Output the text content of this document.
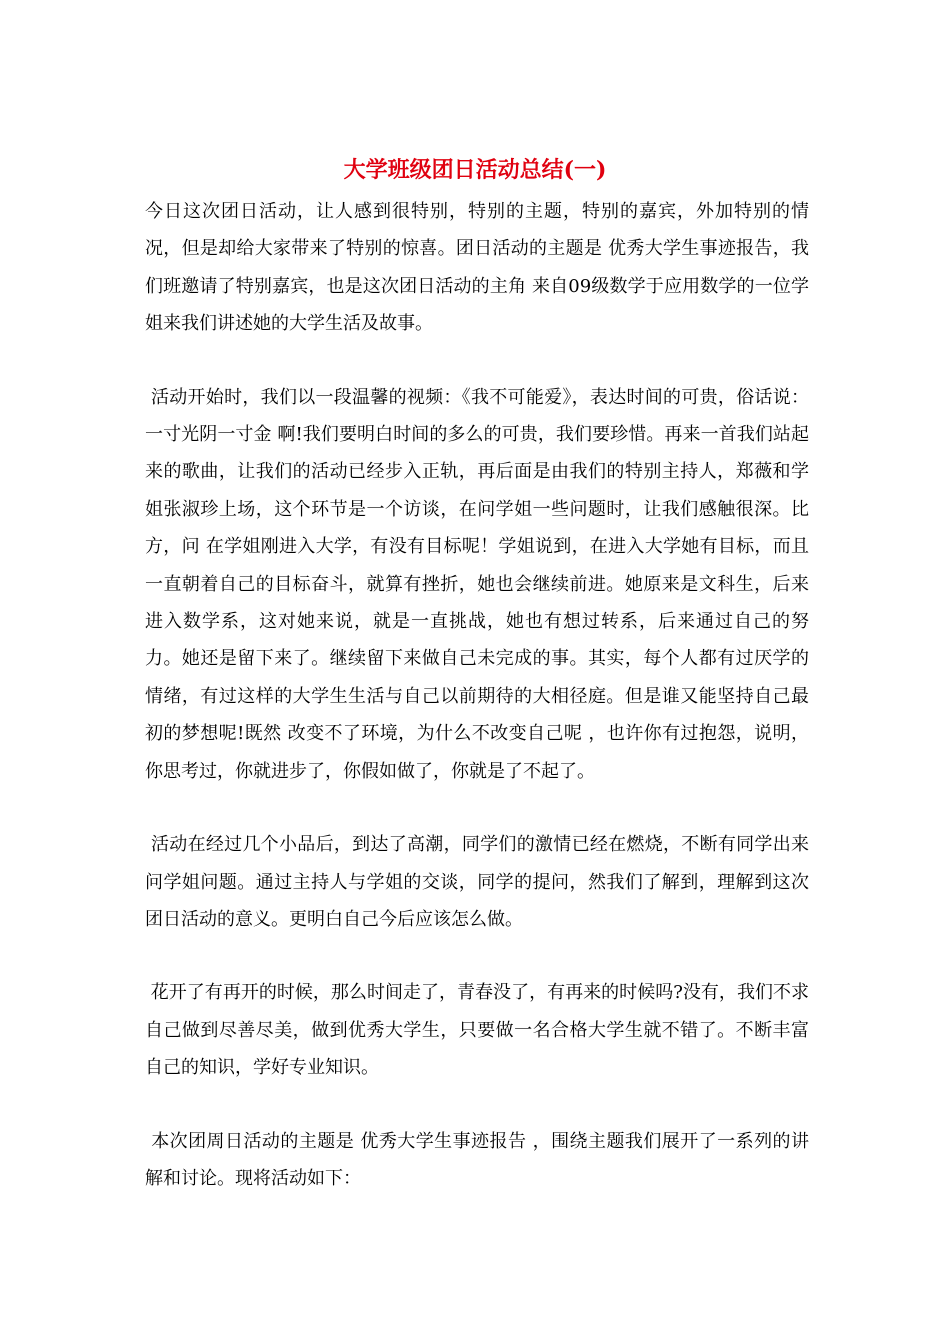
大学班级团日活动总结(一)

今日这次团日活动，让人感到很特别，特别的主题，特别的嘉宾，外加特别的情况，但是却给大家带来了特别的惊喜。团日活动的主题是 优秀大学生事迹报告，我们班邀请了特别嘉宾，也是这次团日活动的主角 来自09级数学于应用数学的一位学姐来我们讲述她的大学生活及故事。

活动开始时，我们以一段温馨的视频：《我不可能爱》，表达时间的可贵，俗话说： 一寸光阴一寸金 啊!我们要明白时间的多么的可贵，我们要珍惜。再来一首我们站起来的歌曲，让我们的活动已经步入正轨，再后面是由我们的特别主持人，郑薇和学姐张淑珍上场，这个环节是一个访谈，在问学姐一些问题时，让我们感触很深。比方，问 在学姐刚进入大学，有没有目标呢！学姐说到，在进入大学她有目标，而且一直朝着自己的目标奋斗，就算有挫折，她也会继续前进。她原来是文科生，后来进入数学系，这对她来说，就是一直挑战，她也有想过转系，后来通过自己的努力。她还是留下来了。继续留下来做自己未完成的事。其实，每个人都有过厌学的情绪，有过这样的大学生生活与自己以前期待的大相径庭。但是谁又能坚持自己最初的梦想呢!既然 改变不了环境，为什么不改变自己呢 ，也许你有过抱怨，说明，你思考过，你就进步了，你假如做了，你就是了不起了。

活动在经过几个小品后，到达了高潮，同学们的激情已经在燃烧，不断有同学出来问学姐问题。通过主持人与学姐的交谈，同学的提问，然我们了解到，理解到这次团日活动的意义。更明白自己今后应该怎么做。

花开了有再开的时候，那么时间走了，青春没了，有再来的时候吗?没有，我们不求自己做到尽善尽美，做到优秀大学生，只要做一名合格大学生就不错了。不断丰富自己的知识，学好专业知识。

本次团周日活动的主题是 优秀大学生事迹报告 ，围绕主题我们展开了一系列的讲解和讨论。现将活动如下：
